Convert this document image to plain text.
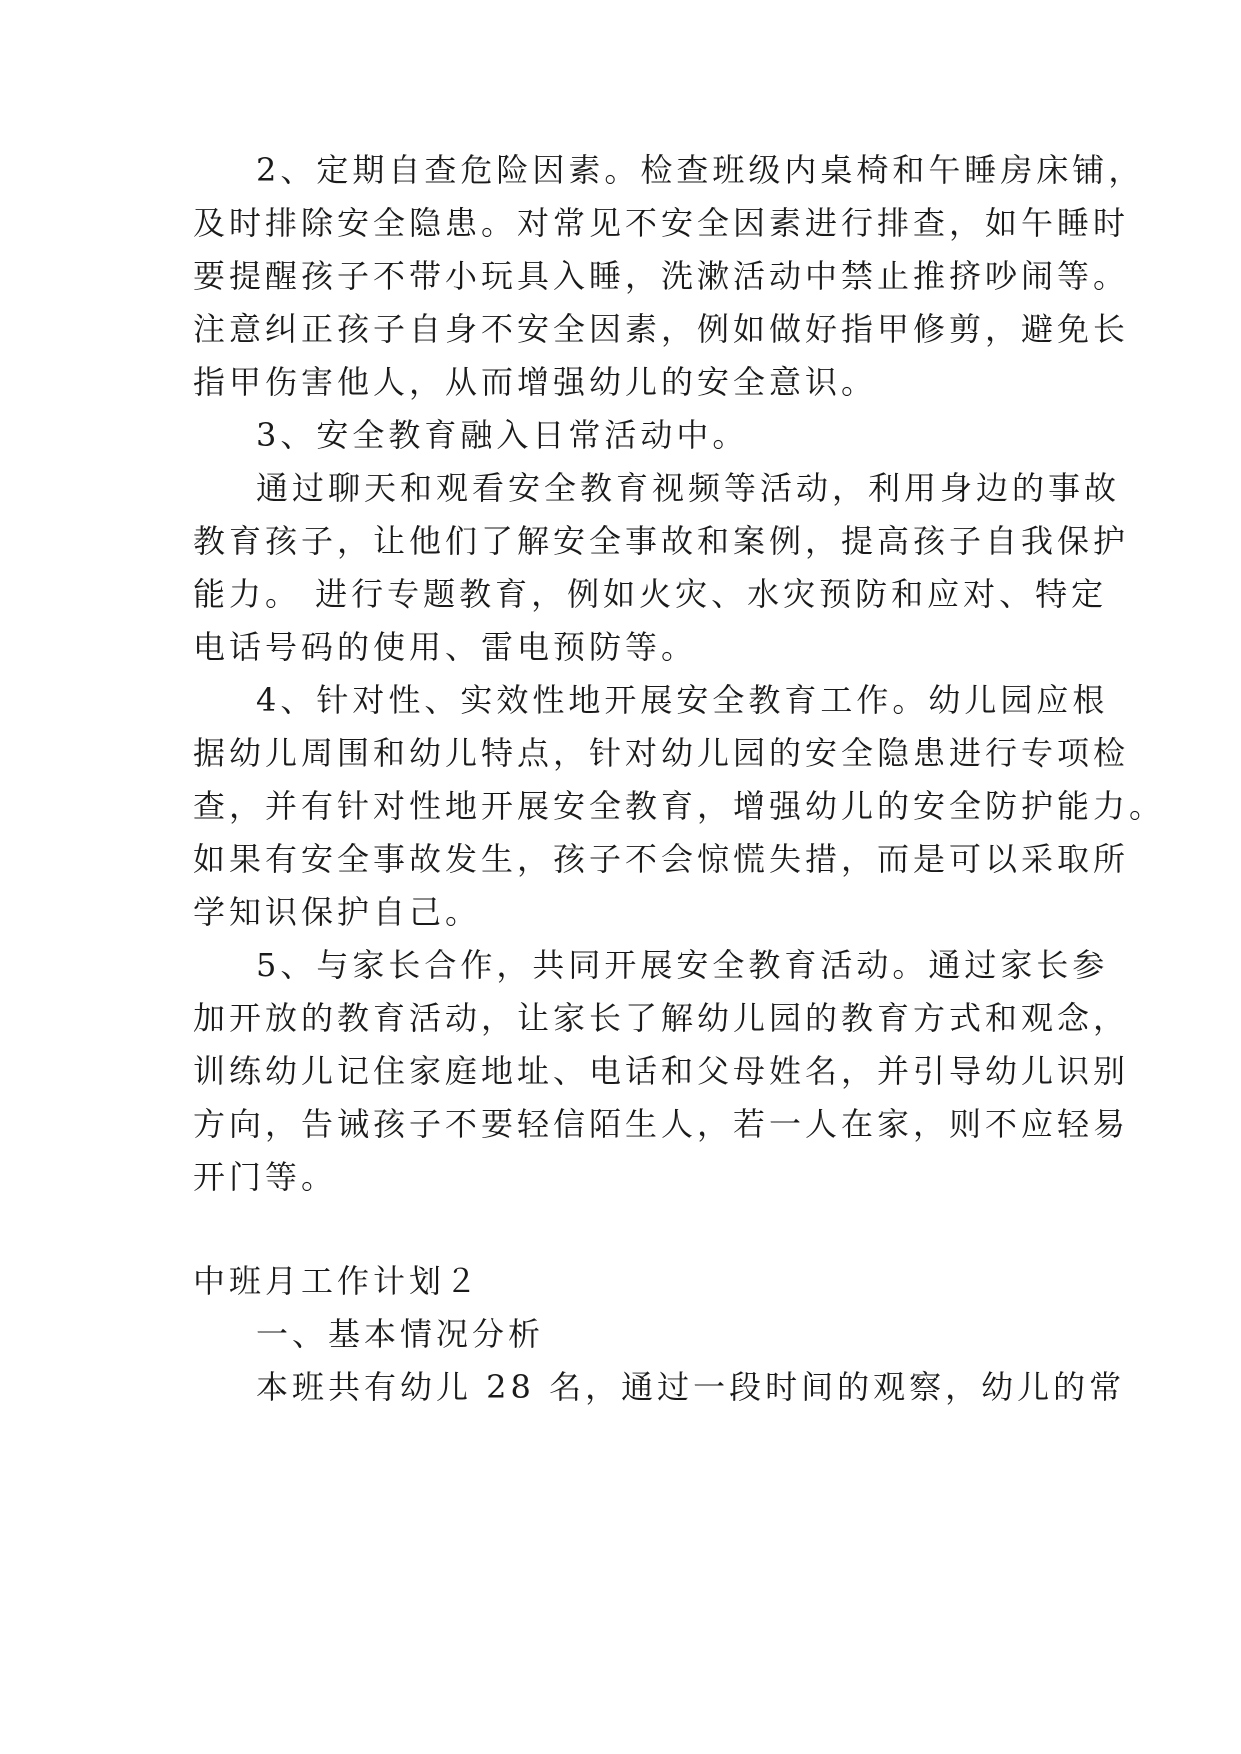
2、定期自查危险因素。检查班级内桌椅和午睡房床铺，
及时排除安全隐患。对常见不安全因素进行排查，如午睡时
要提醒孩子不带小玩具入睡，洗漱活动中禁止推挤吵闹等。
注意纠正孩子自身不安全因素，例如做好指甲修剪，避免长
指甲伤害他人，从而增强幼儿的安全意识。
3、安全教育融入日常活动中。
通过聊天和观看安全教育视频等活动，利用身边的事故
教育孩子，让他们了解安全事故和案例，提高孩子自我保护
能力。 进行专题教育，例如火灾、水灾预防和应对、特定
电话号码的使用、雷电预防等。
4、针对性、实效性地开展安全教育工作。幼儿园应根
据幼儿周围和幼儿特点，针对幼儿园的安全隐患进行专项检
查，并有针对性地开展安全教育，增强幼儿的安全防护能力。
如果有安全事故发生，孩子不会惊慌失措，而是可以采取所
学知识保护自己。
5、与家长合作，共同开展安全教育活动。通过家长参
加开放的教育活动，让家长了解幼儿园的教育方式和观念，
训练幼儿记住家庭地址、电话和父母姓名，并引导幼儿识别
方向，告诫孩子不要轻信陌生人，若一人在家，则不应轻易
开门等。
中班月工作计划２
一、基本情况分析
本班共有幼儿 28 名，通过一段时间的观察，幼儿的常
